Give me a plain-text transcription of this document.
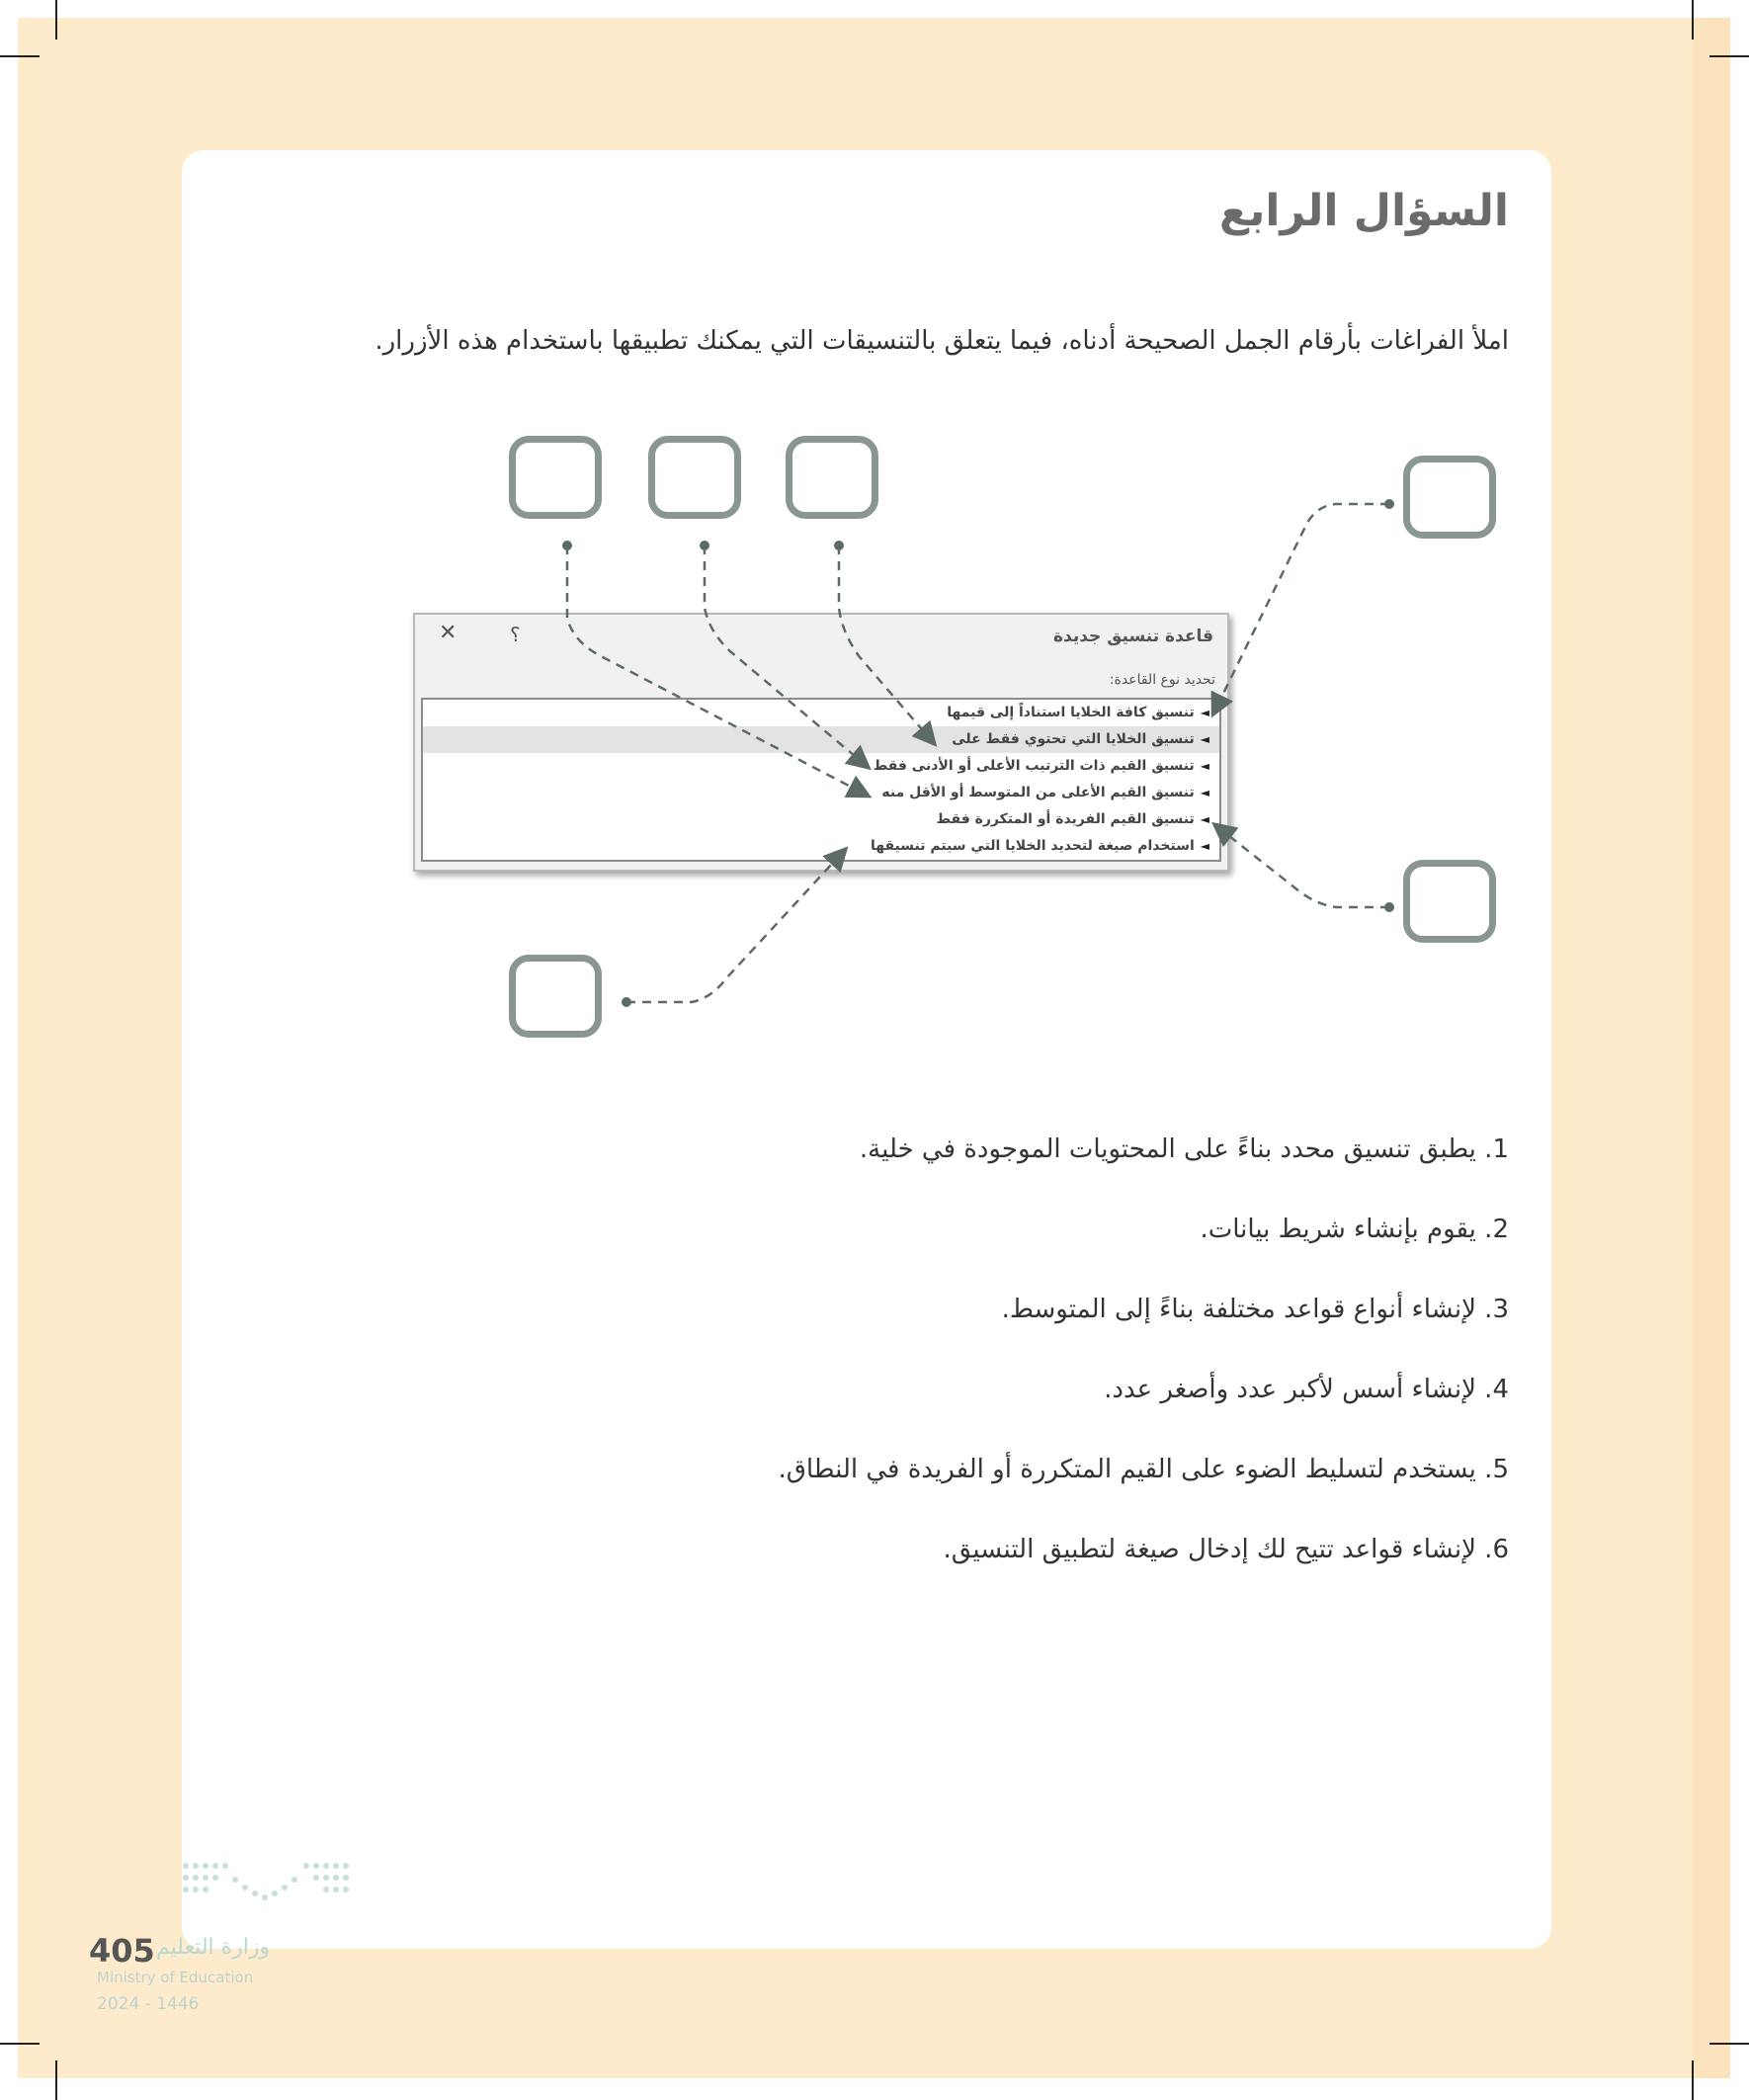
السؤال الرابع
املأ الفراغات بأرقام الجمل الصحيحة أدناه، فيما يتعلق بالتنسيقات التي يمكنك تطبيقها باستخدام هذه الأزرار.
قاعدة تنسيق جديدة
؟
✕
تحديد نوع القاعدة:
◄تنسيق كافة الخلايا استناداً إلى قيمها
◄تنسيق الخلايا التي تحتوي فقط على
◄تنسيق القيم ذات الترتيب الأعلى أو الأدنى فقط
◄تنسيق القيم الأعلى من المتوسط أو الأقل منه
◄تنسيق القيم الفريدة أو المتكررة فقط
◄استخدام صيغة لتحديد الخلايا التي سيتم تنسيقها
1. يطبق تنسيق محدد بناءً على المحتويات الموجودة في خلية.
2. يقوم بإنشاء شريط بيانات.
3. لإنشاء أنواع قواعد مختلفة بناءً إلى المتوسط.
4. لإنشاء أسس لأكبر عدد وأصغر عدد.
5. يستخدم لتسليط الضوء على القيم المتكررة أو الفريدة في النطاق.
6. لإنشاء قواعد تتيح لك إدخال صيغة لتطبيق التنسيق.
وزارة التعليم
405
Ministry of Education
2024 - 1446
